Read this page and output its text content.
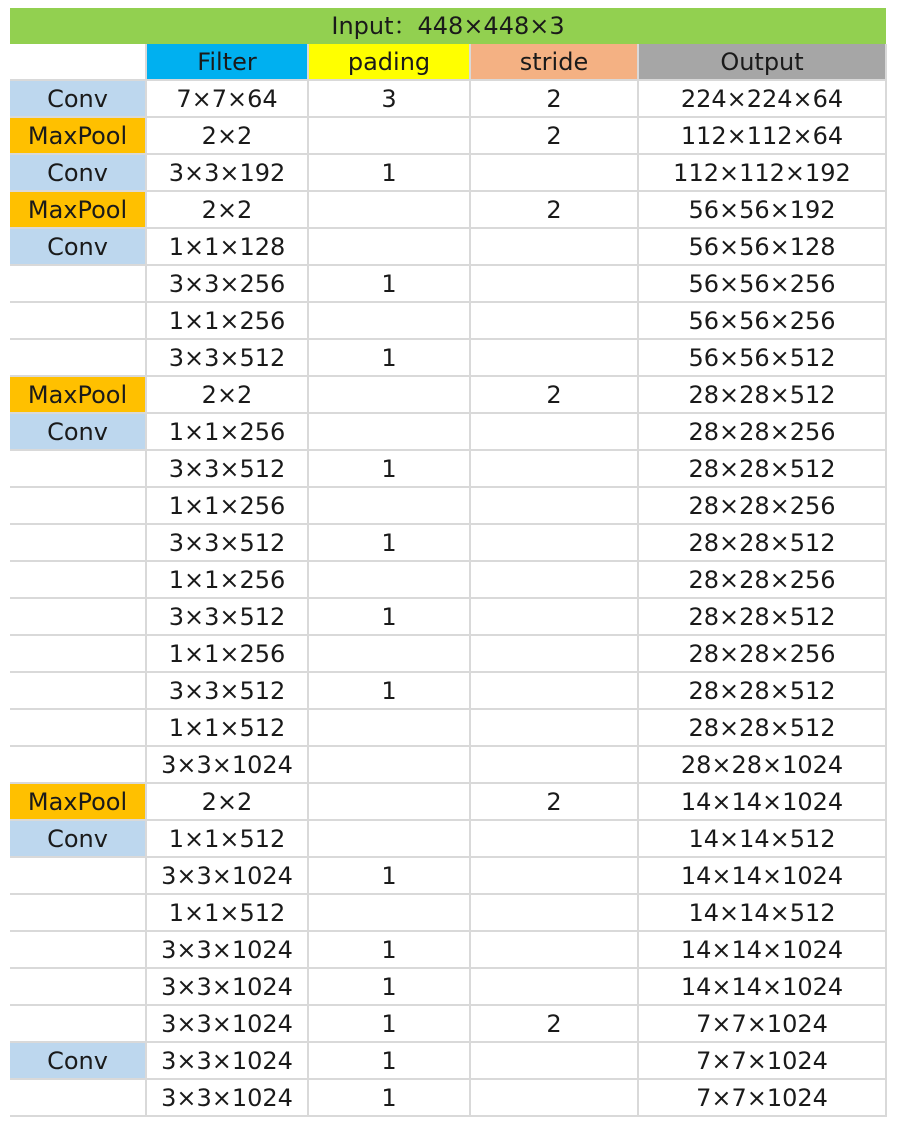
Input：448×448×3
	Filter	pading	stride	Output
Conv	7×7×64	3	2	224×224×64
MaxPool	2×2		2	112×112×64
Conv	3×3×192	1		112×112×192
MaxPool	2×2		2	56×56×192
Conv	1×1×128			56×56×128
	3×3×256	1		56×56×256
	1×1×256			56×56×256
	3×3×512	1		56×56×512
MaxPool	2×2		2	28×28×512
Conv	1×1×256			28×28×256
	3×3×512	1		28×28×512
	1×1×256			28×28×256
	3×3×512	1		28×28×512
	1×1×256			28×28×256
	3×3×512	1		28×28×512
	1×1×256			28×28×256
	3×3×512	1		28×28×512
	1×1×512			28×28×512
	3×3×1024			28×28×1024
MaxPool	2×2		2	14×14×1024
Conv	1×1×512			14×14×512
	3×3×1024	1		14×14×1024
	1×1×512			14×14×512
	3×3×1024	1		14×14×1024
	3×3×1024	1		14×14×1024
	3×3×1024	1	2	7×7×1024
Conv	3×3×1024	1		7×7×1024
	3×3×1024	1		7×7×1024
